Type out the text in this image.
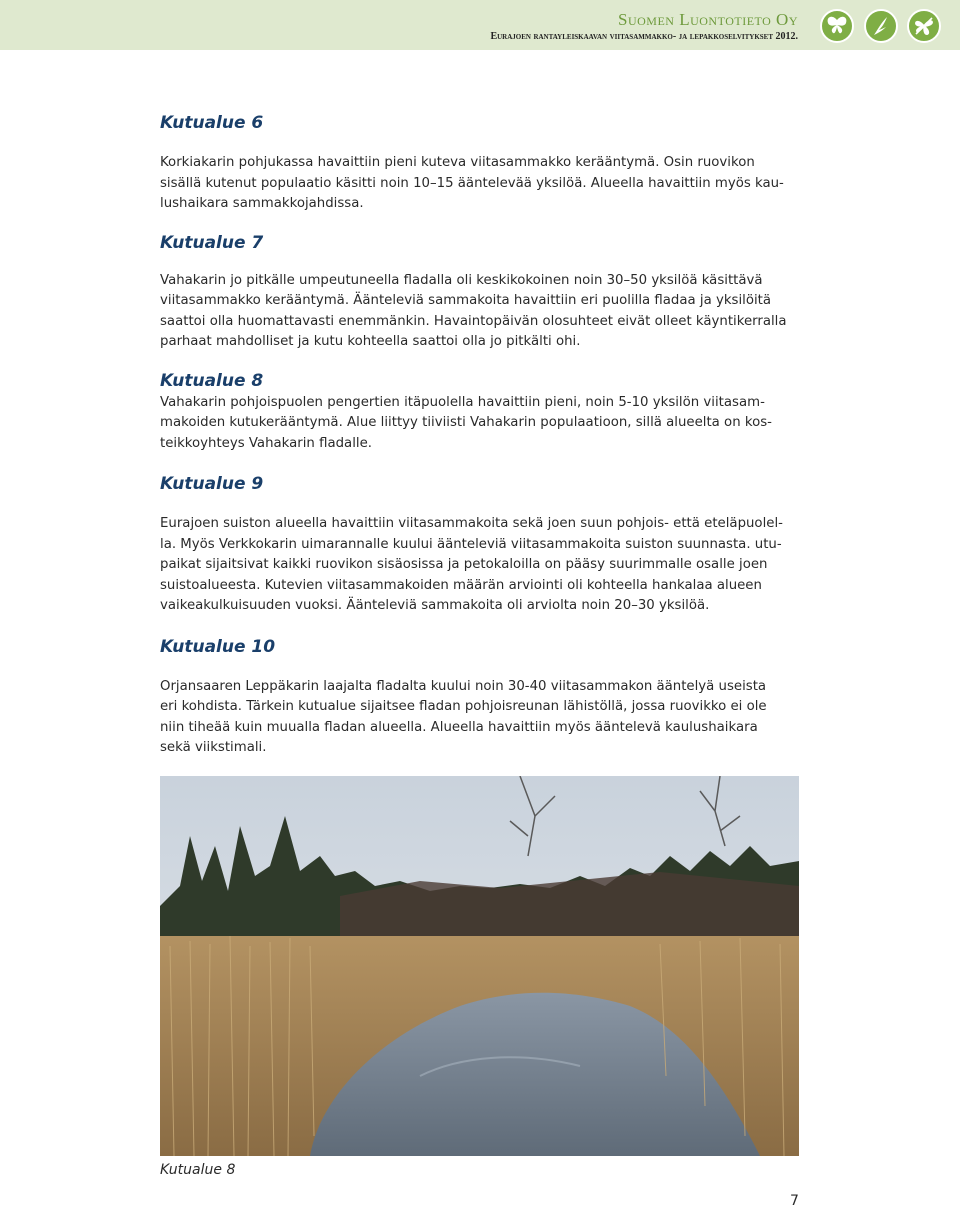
Suomen Luontotieto Oy
Eurajoen rantayleiskaavan viitasammakko- ja lepakkoselvitykset 2012.
Kutualue 6

Korkiakarin pohjukassa havaittiin pieni kuteva viitasammakko kerääntymä. Osin ruovikon

sisällä kutenut populaatio käsitti noin 10–15 ääntelevää yksilöä. Alueella havaittiin myös kau-

lushaikara sammakkojahdissa.

Kutualue 7

Vahakarin jo pitkälle umpeutuneella fladalla oli keskikokoinen noin 30–50 yksilöä käsittävä

viitasammakko kerääntymä. Äänteleviä sammakoita havaittiin eri puolilla fladaa ja yksilöitä

saattoi olla huomattavasti enemmänkin. Havaintopäivän olosuhteet eivät olleet käyntikerralla

parhaat mahdolliset ja kutu kohteella saattoi olla jo pitkälti ohi.

Kutualue 8

Vahakarin pohjoispuolen pengertien itäpuolella havaittiin pieni, noin 5-10 yksilön viitasam-

makoiden kutukerääntymä. Alue liittyy tiiviisti Vahakarin populaatioon, sillä alueelta on kos-

teikkoyhteys Vahakarin fladalle.

Kutualue 9

Eurajoen suiston alueella havaittiin viitasammakoita sekä joen suun pohjois- että eteläpuolel-

la. Myös Verkkokarin uimarannalle kuului äänteleviä viitasammakoita suiston suunnasta. utu-

paikat sijaitsivat kaikki ruovikon sisäosissa ja petokaloilla on pääsy suurimmalle osalle joen

suistoalueesta. Kutevien viitasammakoiden määrän arviointi oli kohteella hankalaa alueen

vaikeakulkuisuuden vuoksi. Äänteleviä sammakoita oli arviolta noin 20–30 yksilöä.

Kutualue 10

Orjansaaren Leppäkarin laajalta fladalta kuului noin 30-40 viitasammakon ääntelyä useista

eri kohdista. Tärkein kutualue sijaitsee fladan pohjoisreunan lähistöllä, jossa ruovikko ei ole

niin tiheää kuin muualla fladan alueella. Alueella havaittiin myös ääntelevä kaulushaikara

sekä viikstimali.

Kutualue 8
7
